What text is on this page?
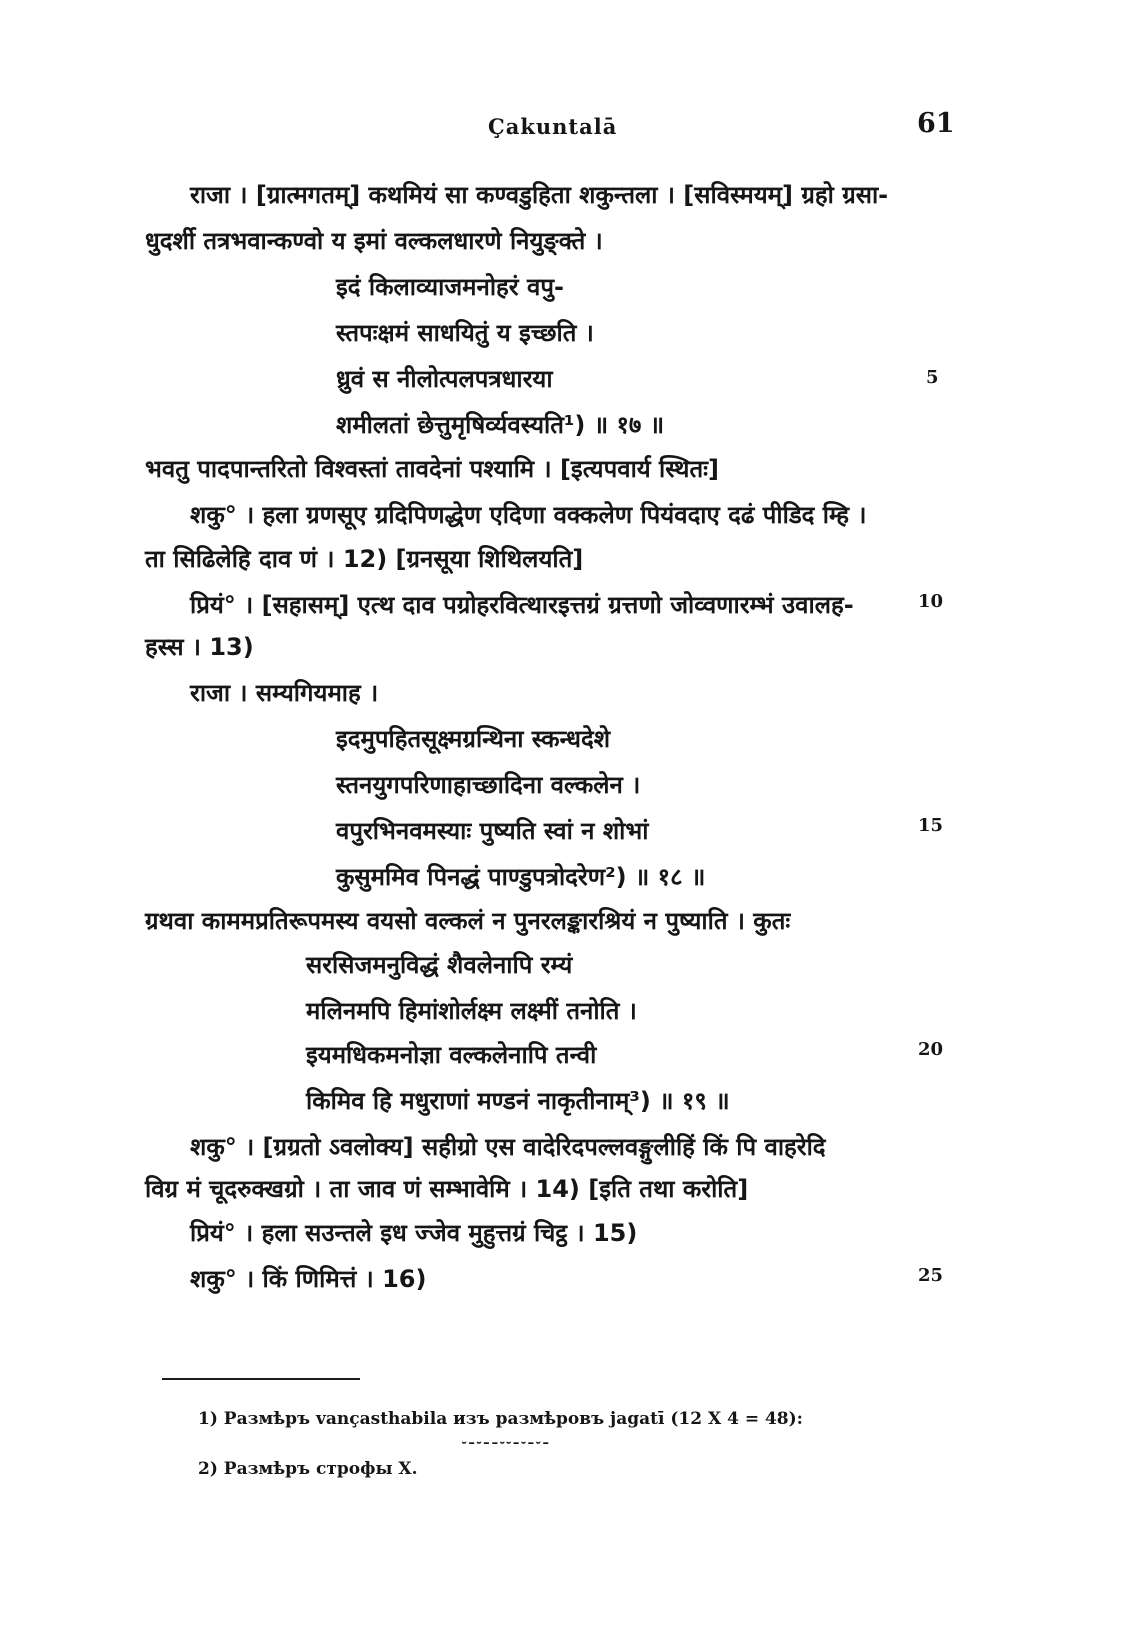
Çakuntalā	61
राजा । [ग्रात्मगतम्] कथमियं सा कण्वडुहिता शकुन्तला । [सविस्मयम्] ग्रहो ग्रसा-
धुदर्शी तत्रभवान्कण्वो य इमां वल्कलधारणे नियुङ्क्ते ।
इदं किलाव्याजमनोहरं वपु-
स्तपःक्षमं साधयितुं य इच्छति ।
ध्रुवं स नीलोत्पलपत्रधारया
शमीलतां छेत्तुमृषिर्व्यवस्यति¹) ॥ १७ ॥
भवतु पादपान्तरितो विश्वस्तां तावदेनां पश्यामि । [इत्यपवार्य स्थितः]
शकु° । हला ग्रणसूए ग्रदिपिणद्धेण एदिणा वक्कलेण पियंवदाए दढं पीडिद म्हि ।
ता सिढिलेहि दाव णं । 12) [ग्रनसूया शिथिलयति]
प्रियं° । [सहासम्] एत्थ दाव पग्रोहरवित्थारइत्तग्रं ग्रत्तणो जोव्वणारम्भं उवालह-
हस्स । 13)
राजा । सम्यगियमाह ।
इदमुपहितसूक्ष्मग्रन्थिना स्कन्धदेशे
स्तनयुगपरिणाहाच्छादिना वल्कलेन ।
वपुरभिनवमस्याः पुष्यति स्वां न शोभां
कुसुममिव पिनद्धं पाण्डुपत्रोदरेण²) ॥ १८ ॥
ग्रथवा काममप्रतिरूपमस्य वयसो वल्कलं न पुनरलङ्कारश्रियं न पुष्याति । कुतः
सरसिजमनुविद्धं शैवलेनापि रम्यं
मलिनमपि हिमांशोर्लक्ष्म लक्ष्मीं तनोति ।
इयमधिकमनोज्ञा वल्कलेनापि तन्वी
किमिव हि मधुराणां मण्डनं नाकृतीनाम्³) ॥ १९ ॥
शकु° । [ग्रग्रतो ऽवलोक्य] सहीग्रो एस वादेरिदपल्लवङ्गुलीहिं किं पि वाहरेदि
विग्र मं चूदरुक्खग्रो । ता जाव णं सम्भावेमि । 14) [इति तथा करोति]
प्रियं° । हला सउन्तले इध ज्जेव मुहुत्तग्रं चिट्ठ । 15)
शकु° । किं णिमित्तं । 16)
5
10
15
20
25
1) Размѣръ vançasthabila изъ размѣровъ jagatī (12 X 4 = 48):
⏑–⏑––⏑⏑–⏑–⏑–
2) Размѣръ строфы X.
